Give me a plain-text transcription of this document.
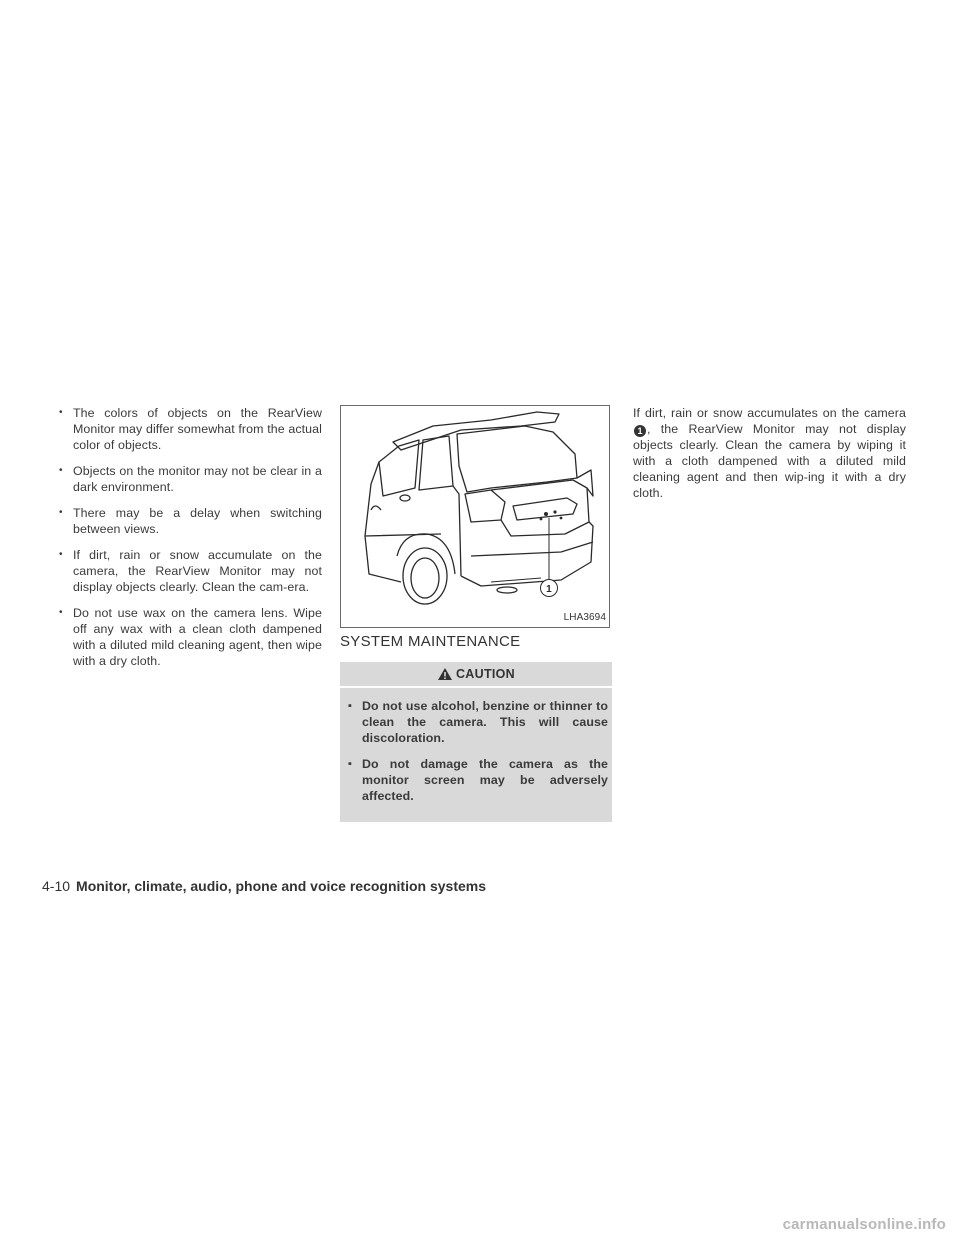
• The colors of objects on the RearView Monitor may differ somewhat from the actual color of objects.
• Objects on the monitor may not be clear in a dark environment.
• There may be a delay when switching between views.
• If dirt, rain or snow accumulate on the camera, the RearView Monitor may not display objects clearly. Clean the cam-era.
• Do not use wax on the camera lens. Wipe off any wax with a clean cloth dampened with a diluted mild cleaning agent, then wipe with a dry cloth.
1
LHA3694
SYSTEM MAINTENANCE
CAUTION
▪ Do not use alcohol, benzine or thinner to clean the camera. This will cause discoloration.
▪ Do not damage the camera as the monitor screen may be adversely affected.

If dirt, rain or snow accumulates on the camera1 , the RearView Monitor may not display objects clearly. Clean the camera by wiping it with a cloth dampened with a diluted mild cleaning agent and then wip-ing it with a dry cloth.

4-10 Monitor, climate, audio, phone and voice recognition systems
carmanualsonline.info
